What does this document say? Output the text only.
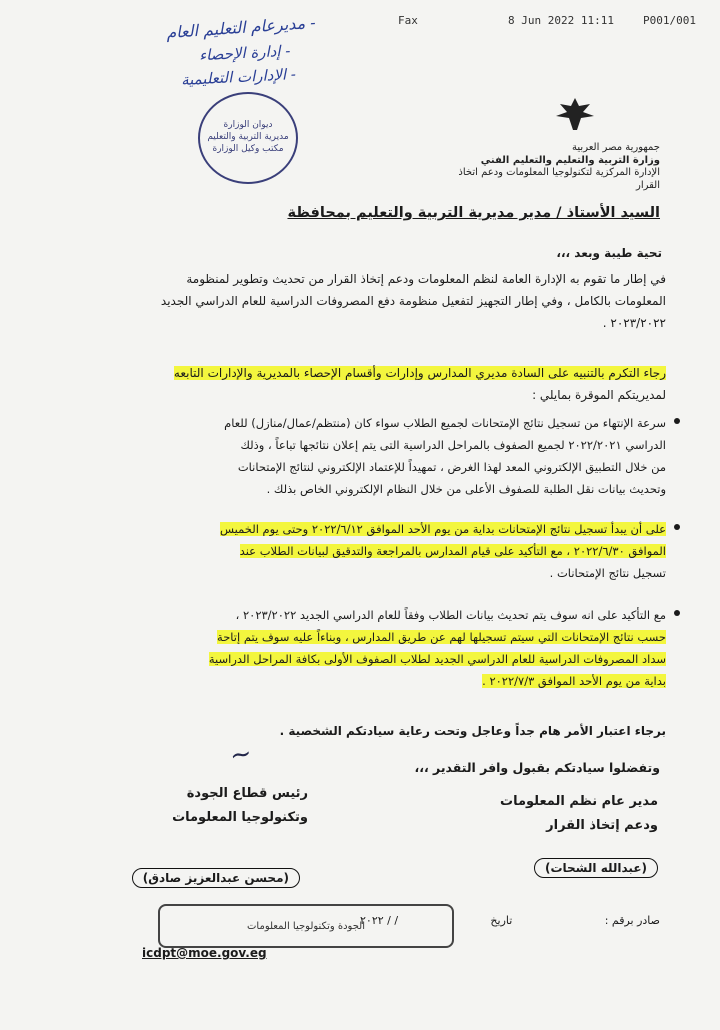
Fax	8 Jun 2022 11:11	P001/001
- مديرعام التعليم العام
- إدارة الإحصاء
- الإدارات التعليمية
ديوان الوزارة
مديرية التربية والتعليم
مكتب وكيل الوزارة	جمهورية مصر العربية
وزارة التربية والتعليم والتعليم الفني
الإدارة المركزية لتكنولوجيا المعلومات ودعم اتخاذ القرار
السيد الأستاذ / مدير مديرية التربية والتعليم بمحافظة
تحية طيبة وبعد ،،،
في إطار ما تقوم به الإدارة العامة لنظم المعلومات ودعم إتخاذ القرار من تحديث وتطوير لمنظومة
المعلومات بالكامل ، وفي إطار التجهيز لتفعيل منظومة دفع المصروفات الدراسية للعام الدراسي الجديد
٢٠٢٣/٢٠٢٢ .
رجاء التكرم بالتنبيه على السادة مديري المدارس وإدارات وأقسام الإحصاء بالمديرية والإدارات التابعه
لمديريتكم الموقرة بمايلي :
سرعة الإنتهاء من تسجيل نتائج الإمتحانات لجميع الطلاب سواء كان (منتظم/عمال/منازل) للعام
الدراسي ٢٠٢٢/٢٠٢١ لجميع الصفوف بالمراحل الدراسية التى يتم إعلان نتائجها تباعاً ، وذلك
من خلال التطبيق الإلكتروني المعد لهذا الغرض ، تمهيداً للإعتماد الإلكتروني لنتائج الإمتحانات
وتحديث بيانات نقل الطلبة للصفوف الأعلى من خلال النظام الإلكتروني الخاص بذلك .
على أن يبدأ تسجيل نتائج الإمتحانات بداية من يوم الأحد الموافق ٢٠٢٢/٦/١٢ وحتى يوم الخميس
الموافق ٢٠٢٢/٦/٣٠ ، مع التأكيد على قيام المدارس بالمراجعة والتدقيق لبيانات الطلاب عند
تسجيل نتائج الإمتحانات .
مع التأكيد على انه سوف يتم تحديث بيانات الطلاب وفقاً للعام الدراسي الجديد ٢٠٢٣/٢٠٢٢ ،
حسب نتائج الإمتحانات التي سيتم تسجيلها لهم عن طريق المدارس ، وبناءاً عليه سوف يتم إتاحة
سداد المصروفات الدراسية للعام الدراسي الجديد لطلاب الصفوف الأولى بكافة المراحل الدراسية
بداية من يوم الأحد الموافق ٢٠٢٢/٧/٣ .
برجاء اعتبار الأمر هام جداً وعاجل وتحت رعاية سيادتكم الشخصية .
وتفضلوا سيادتكم بقبول وافر التقدير ،،،
~
رئيس قطاع الجودة
وتكنولوجيا المعلومات
(محسن عبدالعزيز صادق)
مدير عام نظم المعلومات
ودعم إتخاذ القرار
(عبدالله الشحات)
الجودة وتكنولوجيا المعلومات	صادر برقم :
تاريخ
/ / ٢٠٢٢
icdpt@moe.gov.eg
